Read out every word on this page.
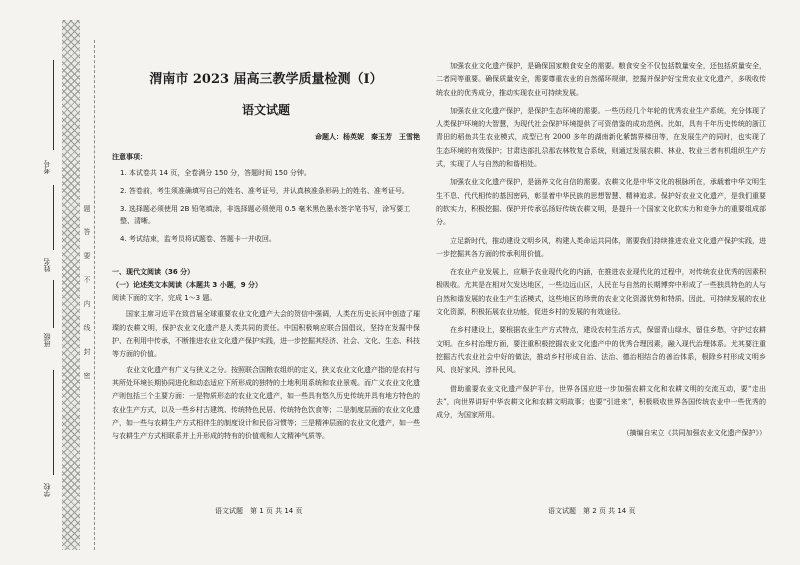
考号
姓名
班级
学校
题
答
要
不
内
线
封
密
渭南市 2023 届高三教学质量检测（Ⅰ）
语文试题
命题人：杨英妮　秦玉芳　王雪艳
注意事项：
1. 本试卷共 14 页，全卷满分 150 分，答题时间 150 分钟。
2. 答卷前，考生须准确填写自己的姓名、准考证号，并认真核准条形码上的姓名、准考证号。
3. 选择题必须使用 2B 铅笔填涂，非选择题必须使用 0.5 毫米黑色墨水签字笔书写，涂写要工整、清晰。
4. 考试结束，监考员将试题卷、答题卡一并收回。
一、现代文阅读（36 分）
（一）论述类文本阅读（本题共 3 小题，9 分）
阅读下面的文字，完成 1～3 题。

国家主席习近平在致首届全球重要农业文化遗产大会的贺信中强调，人类在历史长河中创造了璀璨的农耕文明，保护农业文化遗产是人类共同的责任。中国积极响应联合国倡议，坚持在发掘中保护、在利用中传承，不断推进农业文化遗产保护实践，进一步挖掘其经济、社会、文化、生态、科技等方面的价值。

农业文化遗产有广义与狭义之分。按照联合国粮农组织的定义，狭义农业文化遗产指的是农村与其所处环境长期协同进化和动态适应下所形成的独特的土地利用系统和农业景观。而广义农业文化遗产则包括三个主要方面：一是物质形态的农业文化遗产，如一些具有悠久历史传统并具有地方特色的农业生产方式，以及一些乡村古建筑、传统特色民居、传统特色饮食等；二是制度层面的农业文化遗产，如一些与农耕生产方式相伴生的制度设计和民俗习惯等；三是精神层面的农业文化遗产，如一些与农耕生产方式相联系并上升形成的特有的价值观和人文精神气质等。

加强农业文化遗产保护，是确保国家粮食安全的需要。粮食安全不仅包括数量安全，还包括质量安全，二者同等重要。确保质量安全，需要尊重农业的自然循环规律，挖掘并保护好宝贵农业文化遗产，多吸收传统农业的优秀成分，推动实现农业可持续发展。

加强农业文化遗产保护，是保护生态环境的需要。一些历经几个年轮的优秀农业生产系统，充分体现了人类保护环境的大智慧，为现代社会保护环境提供了可资借鉴的成功范例。比如，具有千年历史传统的浙江青田的稻鱼共生农业模式，成型已有 2000 多年的湖南新化紫鹊界梯田等，在发展生产的同时，也实现了生态环境的有效保护；甘肃迭部扎尕那农林牧复合系统，则通过发展农耕、林业、牧业三者有机组织生产方式，实现了人与自然的和谐相处。

加强农业文化遗产保护，是涵养文化自信的需要。农耕文化是中华文化的根脉所在，承载着中华文明生生不息、代代相传的基因密码，彰显着中华民族的思想智慧、精神追求。保护好农业文化遗产，是我们重要的软实力，积极挖掘、保护并传承弘扬好传统农耕文明，是提升一个国家文化软实力和竞争力的重要组成部分。

立足新时代，推动建设文明乡风，构建人类命运共同体，需要我们持续推进农业文化遗产保护实践，进一步挖掘其各方面的传承利用价值。

在农业产业发展上，应顺予农业现代化的内涵，在推进农业现代化的过程中，对传统农业优秀的因素积极吸收。尤其是在相对欠发达地区，一些边远山区，人民在与自然的长期博弈中形成了一些独具特色的人与自然和谐发展的农业生产生活模式，这些地区的珍贵的农业文化资源优势和特质。因此，可持续发展的农业文化资源，积极拓展农业功能，促进乡村的发展的有效途径。

在乡村建设上，要根据农业生产方式特点，建设农村生活方式，保留青山绿水，留住乡愁，守护过农耕文明。在乡村治理方面，要注重积极挖掘农业文化遗产中的优秀合理因素，融入现代治理体系。尤其要注重挖掘古代农业社会中好的做法，推动乡村形成自治、法治、德治相结合的善治体系，根除乡村形成文明乡风、良好家风、淳朴民风。

借助重要农业文化遗产保护平台，世界各国应进一步加强农耕文化和农耕文明的交流互动，要“走出去”，向世界讲好中华农耕文化和农耕文明故事；也要“引进来”，积极吸收世界各国传统农业中一些优秀的成分，为国家所用。

（摘编自宋立《共同加强农业文化遗产保护》）
语文试题　第 1 页 共 14 页	语文试题　第 2 页 共 14 页
